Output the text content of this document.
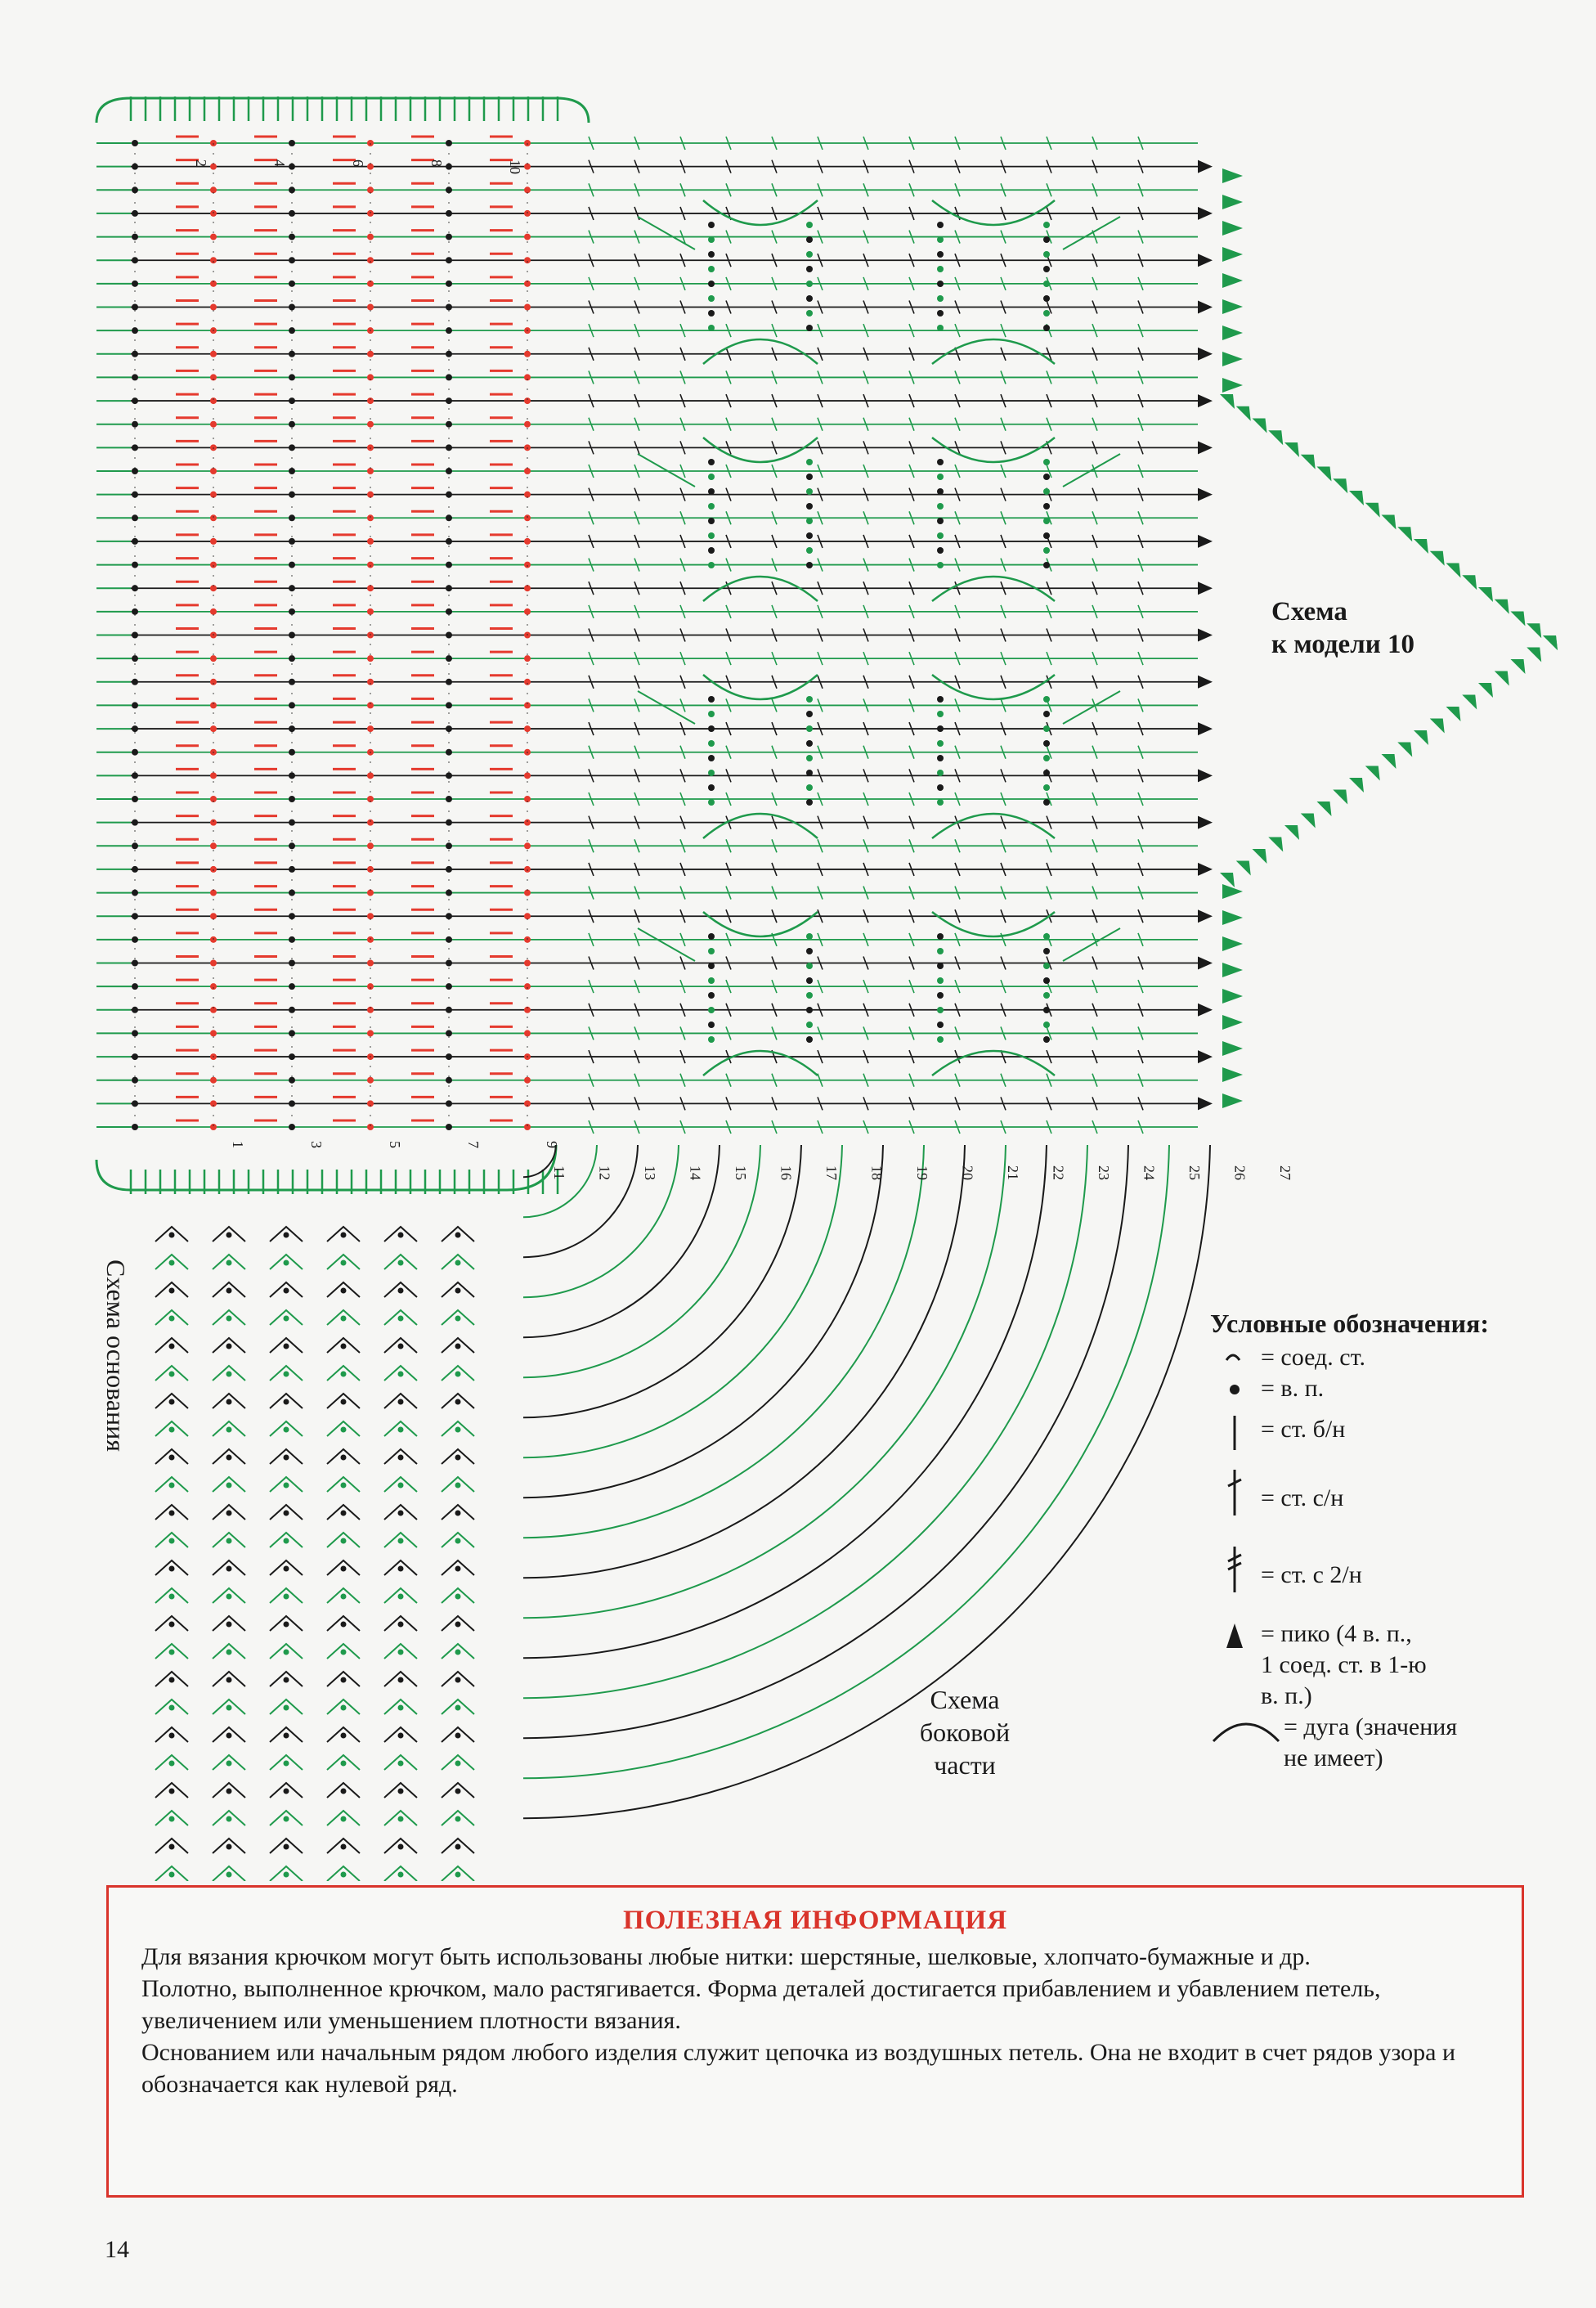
2	4	6	8	10
1	3	5	7	9
11 12 13 14 15 16 17 18 19 20 21 22 23 24 25 26 27
Схема
к модели 10
Схема
боковой
части
Схема основания	Условные обозначения:
= соед. ст.
= в. п.
= ст. б/н
= ст. с/н
= ст. с 2/н
= пико (4 в. п.,
1 соед. ст. в 1-ю
в. п.)
= дуга (значения
не имеет)
ПОЛЕЗНАЯ ИНФОРМАЦИЯ

Для вязания крючком могут быть использованы любые нитки: шерстяные, шелковые, хлопчато-бумажные и др.

Полотно, выполненное крючком, мало растягивается. Форма деталей достигается прибавлением и убавлением петель, увеличением или уменьшением плотности вязания.

Основанием или начальным рядом любого изделия служит цепочка из воздушных петель. Она не входит в счет рядов узора и обозначается как нулевой ряд.

14
